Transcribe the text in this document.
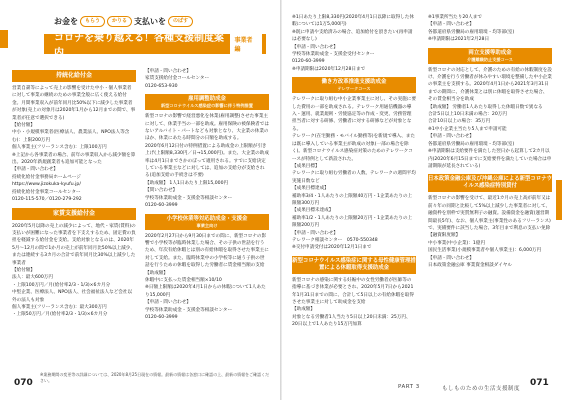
お金を	もらう	かりる 支払いを	のばす
コロナを乗り越える！各種支援制度案内
事業者編
持続化給付金

営業自粛等によって売上の影響を受けた中小・個人事業者に対して事業の継続のための事業全般に広く使える給付金。月間事業収入が前年同月比50%以下に減少した事業者が対象(売上の対象月は2020年1月から12月までの間で、事業者が任意で選択できる)
【給付額】
中小・小規模事業者(医療法人、農業法人、NPO法人等含む)：上限200万円
個人事業主(フリーランス含む)：上限100万円
※上記から各事業者の場合、前年の事業収入から減少額を算出。2020年新規創業者も追加可能となった
【申請・問い合わせ】
持続化給付金事務局ホームページ
https://www.jizokuka-kyufu.jp/
持続化給付金事業コールセンター
0120-115-570／0120-279-292

家賃支援給付金

2020年5月以降の売上の減少によって、地代・家賃(賃料)の支払いが困難になった事業者を下支えするため、固定費の負担を軽減する給付金を支給。支給対象となるのは、2020年5月〜12月の間で1か月の売上が前年同月比50%以上減少、または連続する3カ月の合計で前年同月比30%以上減少した事業者
【給付額】
法人：最大600万円
・上限100万円／月(給付率2/3・1/3)×6カ月分
中堅企業、医療法人、NPO法人、社会福祉法人など会社以外の法人も対象
個人事業主(フリーランス含む)：最大300万円
・上限50万円／月(給付率2/3・1/3)×6カ月分

【申請・問い合わせ】
家賃支援給付金コールセンター
0120-653-930

雇用調整助成金
新型コロナウイルス感染症の影響に伴う特例措置

新型コロナの影響で経営悪化を休業(雇用調整)させた事業主に対して、休業手当の一部を助成。雇用保険の被保険者ではないアルバイト・パートなども対象となり、大企業の休業のほか、休業にあたる時間分の日額を助成する。
2020年6月12日付の特例措置による助成金の上限額が引き上げ(上限額8,330円／日→15,000円)。また、大企業の助成率は4月1日までさかのぼって適用される。すでに支給決定している事業主などに対しては、追加の支給分が支給される(追加支給の手続きは不要)
【助成額】 1人1日あたり上限15,000円
【問い合わせ】
学校等休業助成金・支援金等相談センター
0120-60-3999

小学校休業等対応助成金・支援金
事業主向け

2020年2月27日から9月30日までの間に、新型コロナの影響で小学校等が臨時休業した場合、その子供の世話を行うため、年次有給休暇とは別の有給休暇を取得させた事業主に対して支給。また、臨時休業中の小学校等に通う子供の世話を行うための休暇を取得した労働者に賃金相当額の支給
【助成額】
休暇中に支払った賃金相当額×10/10
※日額上限額は2020年4月1日からの休暇について1人あたり15,000円
【申請・問い合わせ】
学校等休業助成金・支援金等相談センター
0120-60-3999

※業務期間の変更等の詳細については、2020年8月25日現在の情報。最新の情報は各窓口に確認の上、最新の情報をご確認ください。
070

※1日あたり上限8,330円(2020年4月1日以降に取得した休暇については1万5,000円)
※既に申請や支給済みの場合、追加給付を頂きたい(再申請は必要なし)
【申請・問い合わせ】
学校等休業助成金・支援金受付センター
0120-60-3999
※申請期限は2020年12月28日まで

働き方改革推進支援助成金
テレワークコース

テレワークに取り組む中小企業事業主に対し、その実施に要した費用の一部を助成される。テレワーク用通信機器の導入・運用、就業規則・労使協定等の作成・変更、労務管理担当者に対する研修、労働者に対する研修などが対象となる。
テレワーク(在宅勤務・モバイル勤務等)を新規で導入、または既に導入している事業主が助成の対象(一部の場合を除く)。新型コロナウイルス感染症対策のためのテレワークコースが特例として新設された。
【成果目標】
テレワークに取り組む労働者の人数、テレワークの週間平均実施日数など
【成果目標達成】
補助率3/4・1人あたりの上限額40万円・1企業あたりの上限額300万円
【成果目標未達成】
補助率1/2・1人あたりの上限額20万円・1企業あたりの上限額200万円
【申請・問い合わせ】
テレワーク相談センター　0570-550348
※交付申請受付は2020年12月1日まで

新型コロナウイルス感染症に関する母性健康管理措置による休暇取得支援助成金

新型コロナの感染に関する妊娠中の女性労働者が医師等の指導に基づき休業が必要とされ、2020年5月7日から2021年1月31日までの間に、合計して5日以上の有給休暇を取得させた事業主に対して助成金を支給
【助成額】
対象となる労働者1人当たり5日以上20日未満：25万円、20日以上で1人あたり15万円加算

※1事業所当たり20人まで
【申請・問い合わせ】
各都道府県労働局の雇用環境・均等部(室)
※申請期限は2021年2月28日

両立支援等助成金
介護離職防止支援コース

新型コロナの対応として、介護のための有給の休暇制度を設け、介護を行う労働者が休みやすい環境を整備した中小企業の事業主を支援する。2020年4月1日から2021年3月31日までの期間に、介護休業とは別に休暇を取得させた場合、その賃金相当分を助成

【助成額】 労働者1人あたり取得した休暇日数で異なる
合計5日以上10日未満の場合：20万円
合計10日以上の場合：35万円
※1中小企業主当たり5人まで申請可能
【申請・問い合わせ】
各都道府県労働局の雇用環境・均等部(室)
※申請期限は支給要件を満たした翌日から起算して2カ月以内(2020年6月15日までに支給要件を満たしていた場合は申請期限が延長されている)

日本政策金融公庫及び沖縄公庫による新型コロナウイルス感染症特別貸付

新型コロナの影響を受けて、最近1カ月の売上高が前年又は前々年の同期と比較して5%以上減少した事業者に対して、融資枠を別枠で実質無利子の融資。設備資金を融資(運営期間最長5年)、なお、個人事業主(事業性のあるフリーランス)で、実績要件に該当した場合、3年目まで利息の支払い免除
【融資限度額】
中小事業(中小企業)：1億円
国民生活事業(小規模事業者や個人事業主)：6,000万円
【申請・問い合わせ】
日本政策金融公庫 事業資金相談ダイヤル

PART 3	もしものための生活支援制度
071
